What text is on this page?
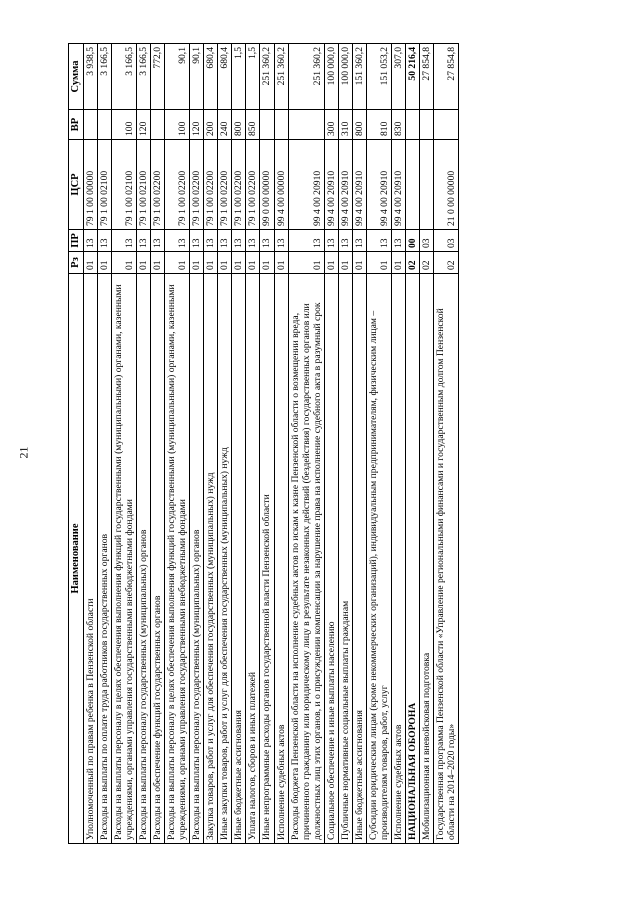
21
Наименование	Рз	ПР	ЦСР	ВР	Сумма
Уполномоченный по правам ребенка в Пензенской области	01	13	79 1 00 00000		3 938,5
Расходы на выплаты по оплате труда работников государственных органов	01	13	79 1 00 02100		3 166,5
Расходы на выплаты персоналу в целях обеспечения выполнения функций государственными (муниципальными) органами, казенными учреждениями, органами управления государственными внебюджетными фондами	01	13	79 1 00 02100	100	3 166,5
Расходы на выплаты персоналу государственных (муниципальных) органов	01	13	79 1 00 02100	120	3 166,5
Расходы на обеспечение функций государственных органов	01	13	79 1 00 02200		772,0
Расходы на выплаты персоналу в целях обеспечения выполнения функций государственными (муниципальными) органами, казенными учреждениями, органами управления государственными внебюджетными фондами	01	13	79 1 00 02200	100	90,1
Расходы на выплаты персоналу государственных (муниципальных) органов	01	13	79 1 00 02200	120	90,1
Закупка товаров, работ и услуг для обеспечения государственных (муниципальных) нужд	01	13	79 1 00 02200	200	680,4
Иные закупки товаров, работ и услуг для обеспечения государственных (муниципальных) нужд	01	13	79 1 00 02200	240	680,4
Иные бюджетные ассигнования	01	13	79 1 00 02200	800	1,5
Уплата налогов, сборов и иных платежей	01	13	79 1 00 02200	850	1,5
Иные непрограммные расходы органов государственной власти Пензенской области	01	13	99 0 00 00000		251 360,2
Исполнение судебных актов	01	13	99 4 00 00000		251 360,2
Расходы бюджета Пензенской области на исполнение судебных актов по искам к казне Пензенской области о возмещении вреда, причиненного гражданину или юридическому лицу в результате незаконных действий (бездействия) государственных органов или должностных лиц этих органов, и о присуждении компенсации за нарушение права на исполнение судебного акта в разумный срок	01	13	99 4 00 20910		251 360,2
Социальное обеспечение и иные выплаты населению	01	13	99 4 00 20910	300	100 000,0
Публичные нормативные социальные выплаты гражданам	01	13	99 4 00 20910	310	100 000,0
Иные бюджетные ассигнования	01	13	99 4 00 20910	800	151 360,2
Субсидии юридическим лицам (кроме некоммерческих организаций), индивидуальным предпринимателям, физическим лицам – производителям товаров, работ, услуг	01	13	99 4 00 20910	810	151 053,2
Исполнение судебных актов	01	13	99 4 00 20910	830	307,0
НАЦИОНАЛЬНАЯ ОБОРОНА	02	00			50 216,4
Мобилизационная и вневойсковая подготовка	02	03			27 854,8
Государственная программа Пензенской области «Управление региональными финансами и государственным долгом Пензенской области на 2014–2020 годы»	02	03	21 0 00 00000		27 854,8
